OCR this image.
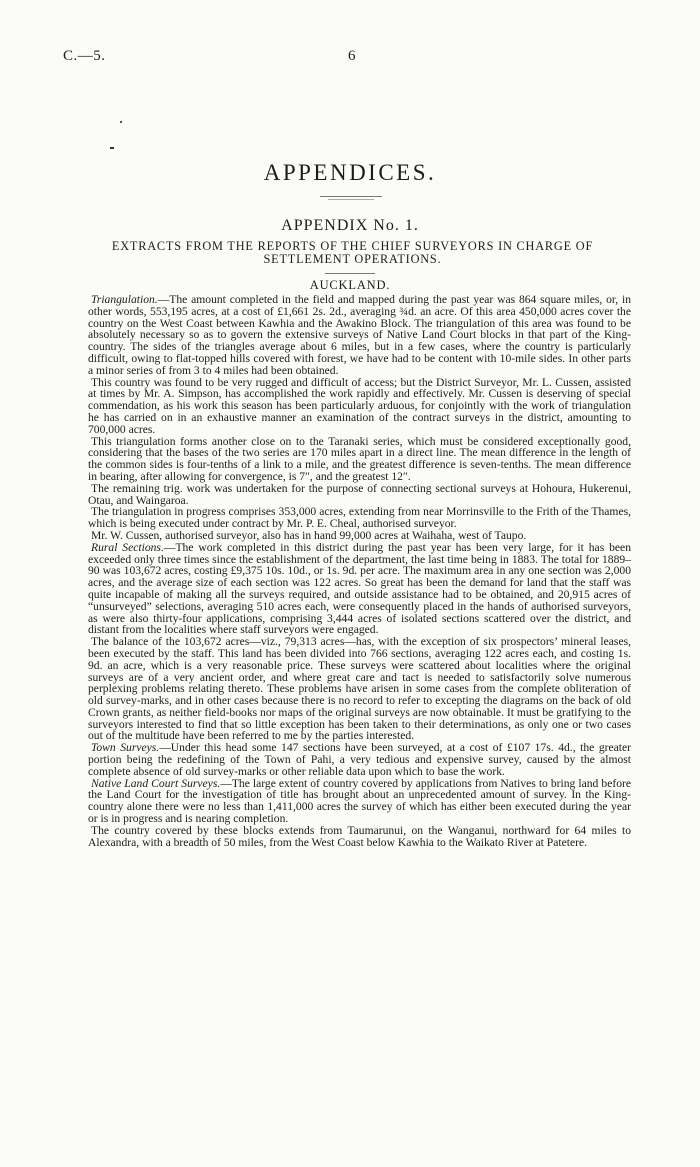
C.—5.	6
APPENDICES.
APPENDIX No. 1.
EXTRACTS FROM THE REPORTS OF THE CHIEF SURVEYORS IN CHARGE OF SETTLEMENT OPERATIONS.
AUCKLAND.

Triangulation.—The amount completed in the field and mapped during the past year was 864 square miles, or, in other words, 553,195 acres, at a cost of £1,661 2s. 2d., averaging ¾d. an acre. Of this area 450,000 acres cover the country on the West Coast between Kawhia and the Awakino Block. The triangulation of this area was found to be absolutely necessary so as to govern the extensive surveys of Native Land Court blocks in that part of the King-country. The sides of the triangles average about 6 miles, but in a few cases, where the country is particularly difficult, owing to flat-topped hills covered with forest, we have had to be content with 10-mile sides. In other parts a minor series of from 3 to 4 miles had been obtained.

This country was found to be very rugged and difficult of access; but the District Surveyor, Mr. L. Cussen, assisted at times by Mr. A. Simpson, has accomplished the work rapidly and effectively. Mr. Cussen is deserving of special commendation, as his work this season has been particularly arduous, for conjointly with the work of triangulation he has carried on in an exhaustive manner an examination of the contract surveys in the district, amounting to 700,000 acres.

This triangulation forms another close on to the Taranaki series, which must be considered exceptionally good, considering that the bases of the two series are 170 miles apart in a direct line. The mean difference in the length of the common sides is four-tenths of a link to a mile, and the greatest difference is seven-tenths. The mean difference in bearing, after allowing for convergence, is 7″, and the greatest 12″.

The remaining trig. work was undertaken for the purpose of connecting sectional surveys at Hohoura, Hukerenui, Otau, and Waingaroa.

The triangulation in progress comprises 353,000 acres, extending from near Morrinsville to the Frith of the Thames, which is being executed under contract by Mr. P. E. Cheal, authorised surveyor.

Mr. W. Cussen, authorised surveyor, also has in hand 99,000 acres at Waihaha, west of Taupo.

Rural Sections.—The work completed in this district during the past year has been very large, for it has been exceeded only three times since the establishment of the department, the last time being in 1883. The total for 1889–90 was 103,672 acres, costing £9,375 10s. 10d., or 1s. 9d. per acre. The maximum area in any one section was 2,000 acres, and the average size of each section was 122 acres. So great has been the demand for land that the staff was quite incapable of making all the surveys required, and outside assistance had to be obtained, and 20,915 acres of “unsurveyed” selections, averaging 510 acres each, were consequently placed in the hands of authorised surveyors, as were also thirty-four applications, comprising 3,444 acres of isolated sections scattered over the district, and distant from the localities where staff surveyors were engaged.

The balance of the 103,672 acres—viz., 79,313 acres—has, with the exception of six prospectors’ mineral leases, been executed by the staff. This land has been divided into 766 sections, averaging 122 acres each, and costing 1s. 9d. an acre, which is a very reasonable price. These surveys were scattered about localities where the original surveys are of a very ancient order, and where great care and tact is needed to satisfactorily solve numerous perplexing problems relating thereto. These problems have arisen in some cases from the complete obliteration of old survey-marks, and in other cases because there is no record to refer to excepting the diagrams on the back of old Crown grants, as neither field-books nor maps of the original surveys are now obtainable. It must be gratifying to the surveyors interested to find that so little exception has been taken to their determinations, as only one or two cases out of the multitude have been referred to me by the parties interested.

Town Surveys.—Under this head some 147 sections have been surveyed, at a cost of £107 17s. 4d., the greater portion being the redefining of the Town of Pahi, a very tedious and expensive survey, caused by the almost complete absence of old survey-marks or other reliable data upon which to base the work.

Native Land Court Surveys.—The large extent of country covered by applications from Natives to bring land before the Land Court for the investigation of title has brought about an unprecedented amount of survey. In the King-country alone there were no less than 1,411,000 acres the survey of which has either been executed during the year or is in progress and is nearing completion.

The country covered by these blocks extends from Taumarunui, on the Wanganui, northward for 64 miles to Alexandra, with a breadth of 50 miles, from the West Coast below Kawhia to the Waikato River at Patetere.
